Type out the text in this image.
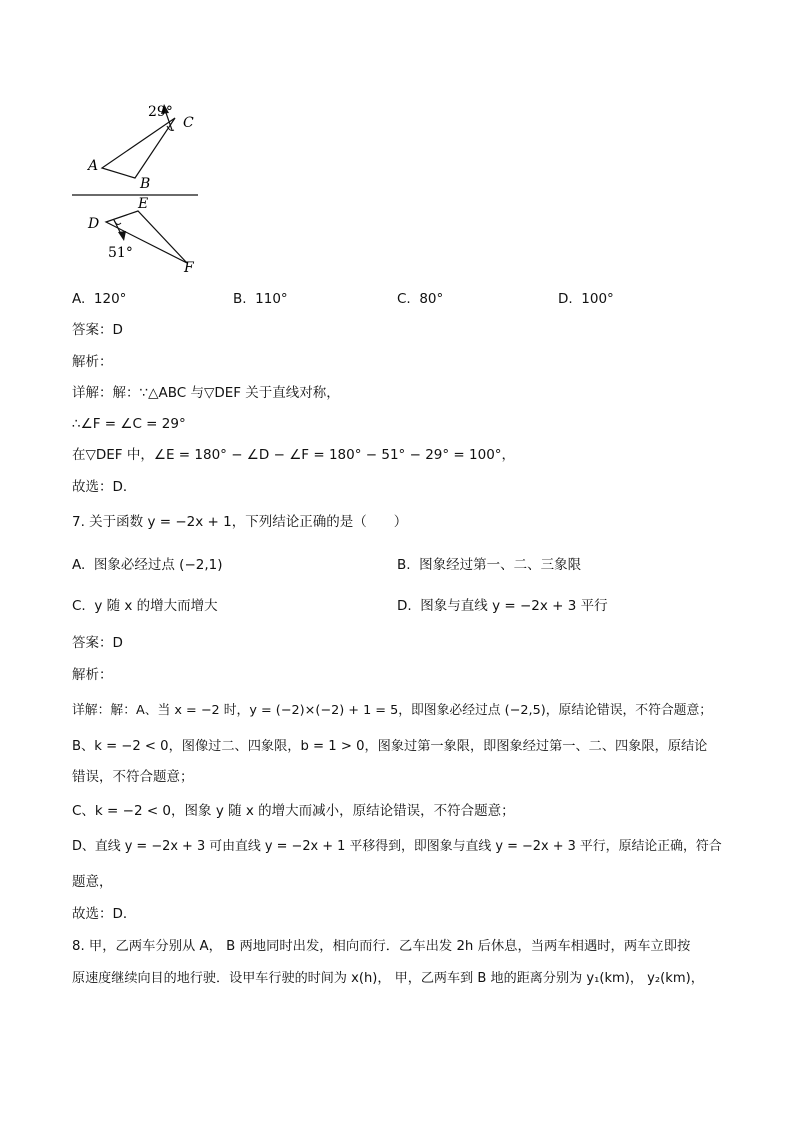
29°
C
A
B
E
D
51°
F
A. 120°	B. 110°	C. 80°	D. 100°
答案：D
解析：
详解：解：∵△ABC 与▽DEF 关于直线对称，
∴∠F = ∠C = 29°
在▽DEF 中，∠E = 180° − ∠D − ∠F = 180° − 51° − 29° = 100°，
故选：D．
7. 关于函数 y = −2x + 1，下列结论正确的是（　　）
A. 图象必经过点 (−2,1)	B. 图象经过第一、二、三象限
C. y 随 x 的增大而增大	D. 图象与直线 y = −2x + 3 平行
答案：D
解析：
详解：解：A、当 x = −2 时，y = (−2)×(−2) + 1 = 5，即图象必经过点 (−2,5)，原结论错误，不符合题意；
B、k = −2 < 0，图像过二、四象限，b = 1 > 0，图象过第一象限，即图象经过第一、二、四象限，原结论
错误，不符合题意；
C、k = −2 < 0，图象 y 随 x 的增大而减小，原结论错误，不符合题意；
D、直线 y = −2x + 3 可由直线 y = −2x + 1 平移得到，即图象与直线 y = −2x + 3 平行，原结论正确，符合
题意，
故选：D．
8. 甲，乙两车分别从 A， B 两地同时出发，相向而行．乙车出发 2h 后休息，当两车相遇时，两车立即按
原速度继续向目的地行驶．设甲车行驶的时间为 x(h)， 甲，乙两车到 B 地的距离分别为 y₁(km)， y₂(km)，
